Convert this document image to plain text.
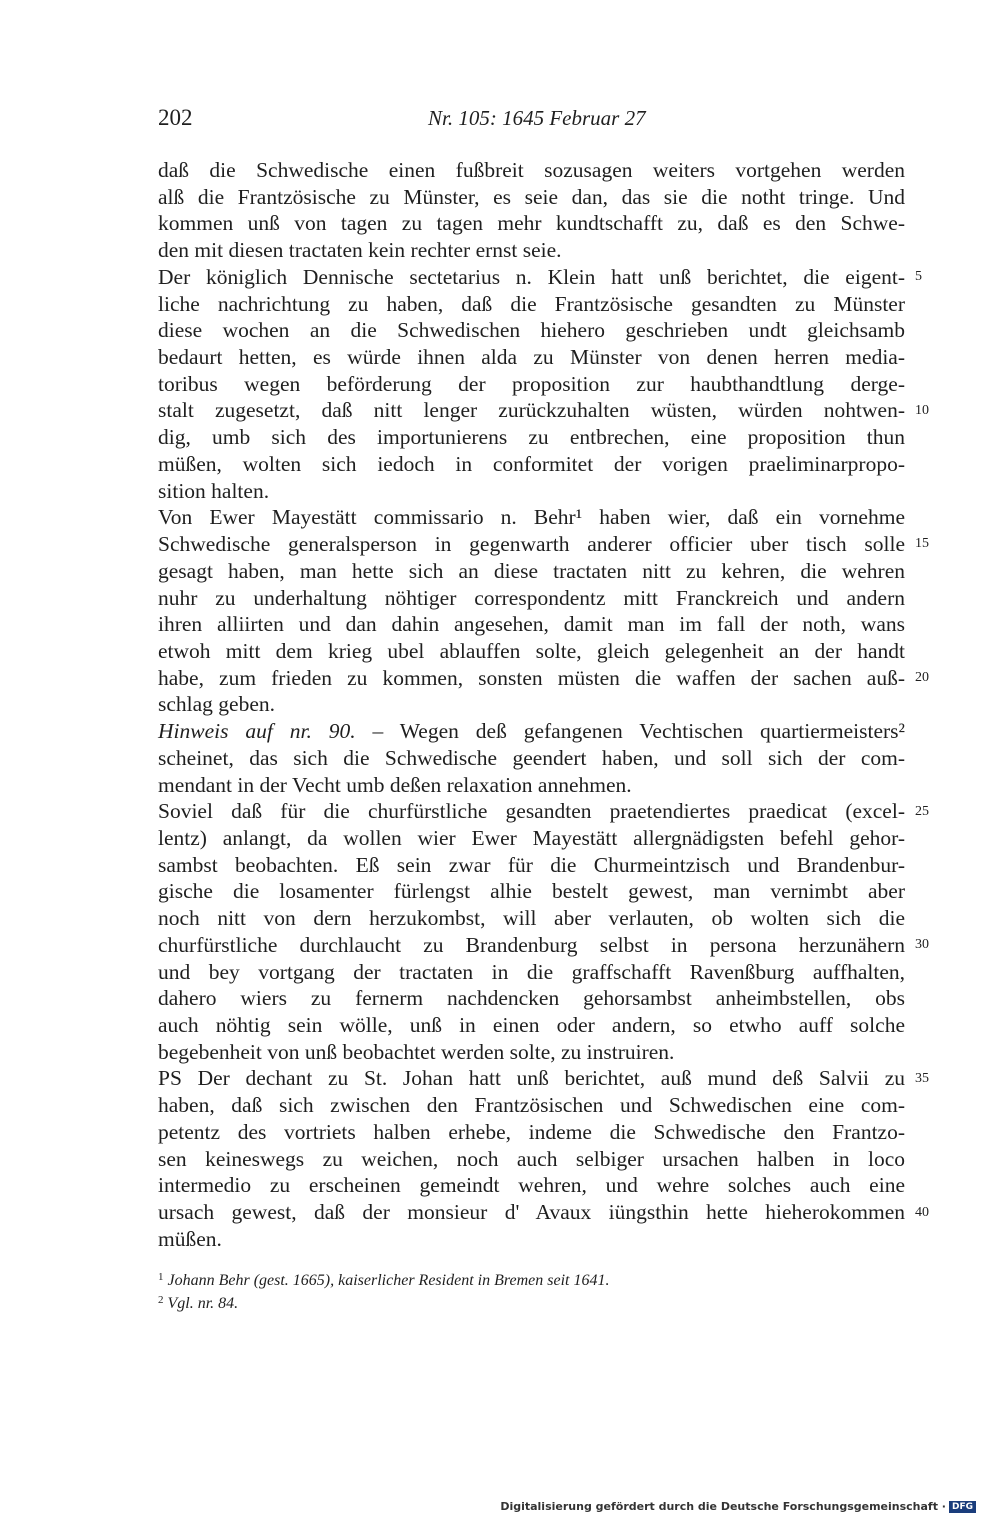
202	Nr. 105: 1645 Februar 27
daß die Schwedische einen fußbreit sozusagen weiters vortgehen werden
alß die Frantzösische zu Münster, es seie dan, das sie die notht tringe. Und
kommen unß von tagen zu tagen mehr kundtschafft zu, daß es den Schwe-
den mit diesen tractaten kein rechter ernst seie.
Der königlich Dennische sectetarius n. Klein hatt unß berichtet, die eigent-
liche nachrichtung zu haben, daß die Frantzösische gesandten zu Münster
diese wochen an die Schwedischen hiehero geschrieben undt gleichsamb
bedaurt hetten, es würde ihnen alda zu Münster von denen herren media-
toribus wegen beförderung der proposition zur haubthandtlung derge-
stalt zugesetzt, daß nitt lenger zurückzuhalten wüsten, würden nohtwen-
dig, umb sich des importunierens zu entbrechen, eine proposition thun
müßen, wolten sich iedoch in conformitet der vorigen praeliminarpropo-
sition halten.
Von Ewer Mayestätt commissario n. Behr¹ haben wier, daß ein vornehme
Schwedische generalsperson in gegenwarth anderer officier uber tisch solle
gesagt haben, man hette sich an diese tractaten nitt zu kehren, die wehren
nuhr zu underhaltung nöhtiger correspondentz mitt Franckreich und andern
ihren alliirten und dan dahin angesehen, damit man im fall der noth, wans
etwoh mitt dem krieg ubel ablauffen solte, gleich gelegenheit an der handt
habe, zum frieden zu kommen, sonsten müsten die waffen der sachen auß-
schlag geben.
Hinweis auf nr. 90. – Wegen deß gefangenen Vechtischen quartiermeisters²
scheinet, das sich die Schwedische geendert haben, und soll sich der com-
mendant in der Vecht umb deßen relaxation annehmen.
Soviel daß für die churfürstliche gesandten praetendiertes praedicat (excel-
lentz) anlangt, da wollen wier Ewer Mayestätt allergnädigsten befehl gehor-
sambst beobachten. Eß sein zwar für die Churmeintzisch und Brandenbur-
gische die losamenter fürlengst alhie bestelt gewest, man vernimbt aber
noch nitt von dern herzukombst, will aber verlauten, ob wolten sich die
churfürstliche durchlaucht zu Brandenburg selbst in persona herzunähern
und bey vortgang der tractaten in die graffschafft Ravenßburg auffhalten,
dahero wiers zu fernerm nachdencken gehorsambst anheimbstellen, obs
auch nöhtig sein wölle, unß in einen oder andern, so etwho auff solche
begebenheit von unß beobachtet werden solte, zu instruiren.
PS Der dechant zu St. Johan hatt unß berichtet, auß mund deß Salvii zu
haben, daß sich zwischen den Frantzösischen und Schwedischen eine com-
petentz des vortriets halben erhebe, indeme die Schwedische den Frantzo-
sen keineswegs zu weichen, noch auch selbiger ursachen halben in loco
intermedio zu erscheinen gemeindt wehren, und wehre solches auch eine
ursach gewest, daß der monsieur d' Avaux iüngsthin hette hieherokommen
müßen.
5
10
15
20
25
30
35
40
$^1$ Johann Behr (gest. 1665), kaiserlicher Resident in Bremen seit 1641.
$^2$ Vgl. nr. 84.
Digitalisierung gefördert durch die Deutsche Forschungsgemeinschaft · DFG
